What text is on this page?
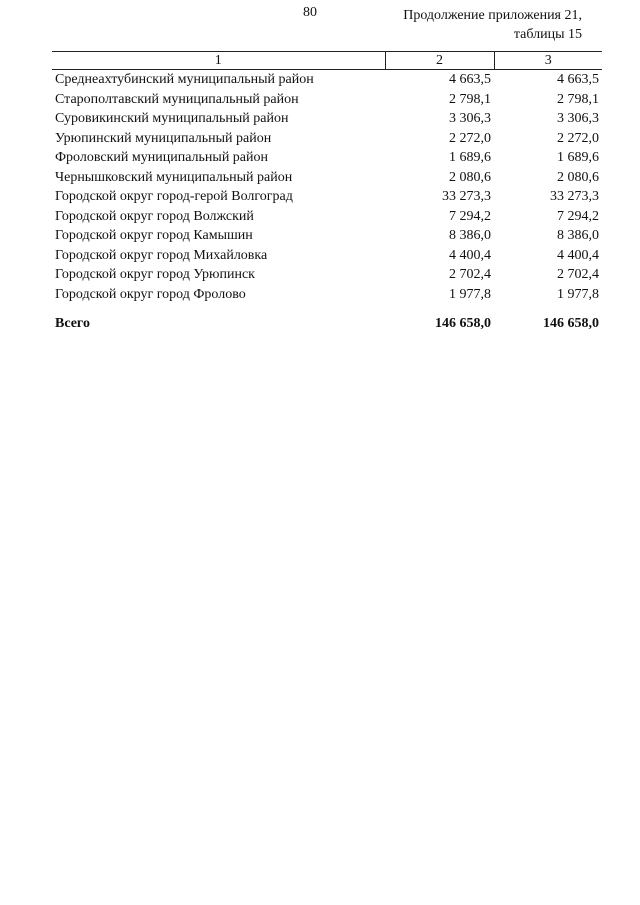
80	Продолжение приложения 21,
таблицы 15
1	2	3
Среднеахтубинский муниципальный район	4 663,5	4 663,5
Старополтавский муниципальный район	2 798,1	2 798,1
Суровикинский муниципальный район	3 306,3	3 306,3
Урюпинский муниципальный район	2 272,0	2 272,0
Фроловский муниципальный район	1 689,6	1 689,6
Чернышковский муниципальный район	2 080,6	2 080,6
Городской округ город-герой Волгоград	33 273,3	33 273,3
Городской округ город Волжский	7 294,2	7 294,2
Городской округ город Камышин	8 386,0	8 386,0
Городской округ город Михайловка	4 400,4	4 400,4
Городской округ город Урюпинск	2 702,4	2 702,4
Городской округ город Фролово	1 977,8	1 977,8

Всего	146 658,0	146 658,0
